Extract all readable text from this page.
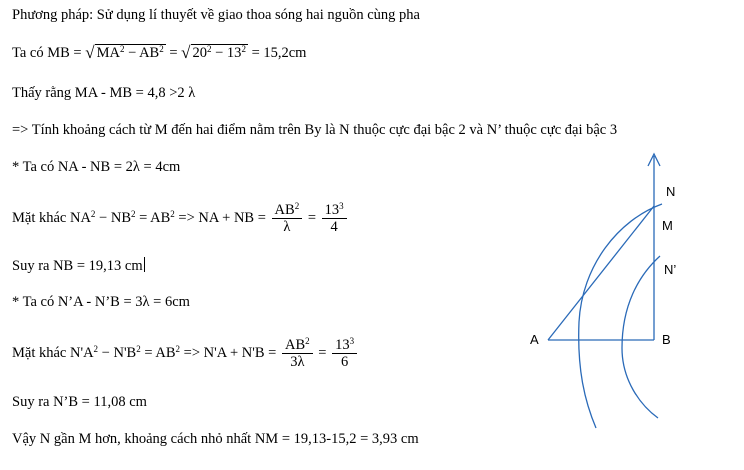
Phương pháp: Sử dụng lí thuyết về giao thoa sóng hai nguồn cùng pha
Ta có MB = √ $MA^2 - AB^2$ = √ $20^2 - 13^2 = 15,2cm$
Thấy rằng MA - MB = 4,8 >2 λ
=> Tính khoảng cách từ M đến hai điểm nằm trên By là N thuộc cực đại bậc 2 và N’ thuộc cực đại bậc 3
* Ta có NA - NB = 2λ = 4cm
Mặt khác $NA^2 - NB^2 = AB^2$ => NA + NB = $\frac{AB^2}{\lambda} = \frac{13^3}{4}$
Suy ra NB = 19,13 cm
* Ta có N’A - N’B = 3λ = 6cm
Mặt khác $N'A^2 - N'B^2 = AB^2 => N'A + N'B = \frac{AB^2}{3\lambda} = \frac{13^3}{6}$
Suy ra N’B = 11,08 cm
Vậy N gần M hơn, khoảng cách nhỏ nhất NM = 19,13-15,2 = 3,93 cm
N
M
N’
A	B
